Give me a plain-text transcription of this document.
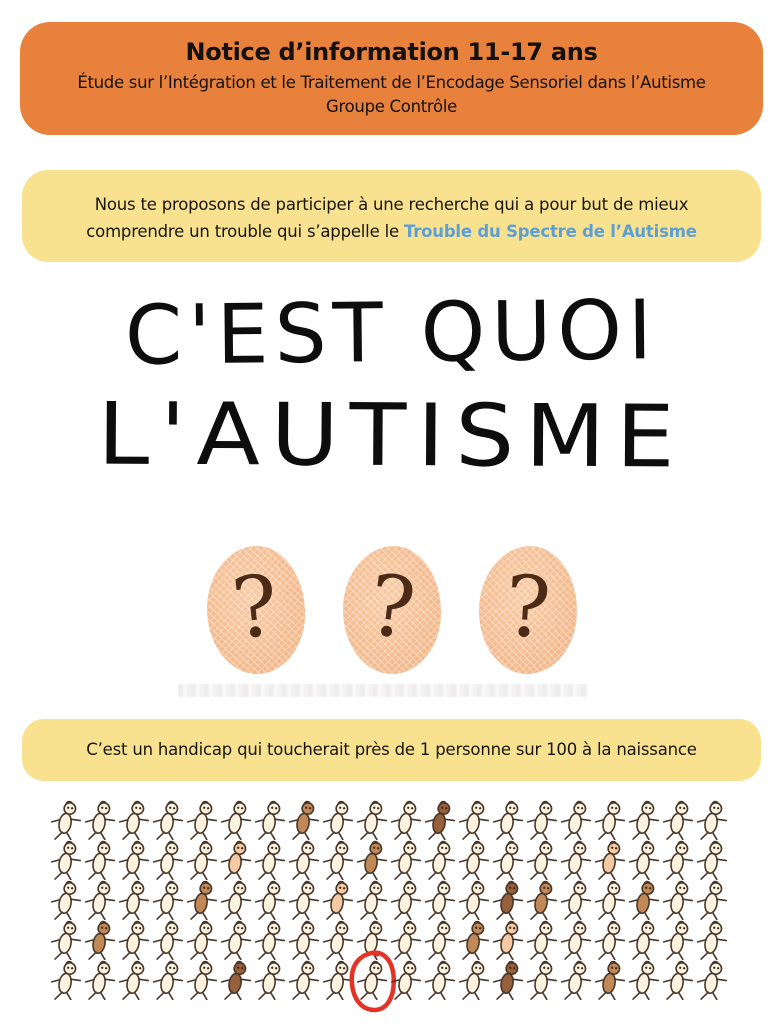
Notice d’information 11-17 ans
Étude sur l’Intégration et le Traitement de l’Encodage Sensoriel dans l’Autisme
Groupe Contrôle
Nous te proposons de participer à une recherche qui a pour but de mieux
comprendre un trouble qui s’appelle le Trouble du Spectre de l’Autisme
C'EST QUOI
L'AUTISME
? ? ?
C’est un handicap qui toucherait près de 1 personne sur 100 à la naissance
